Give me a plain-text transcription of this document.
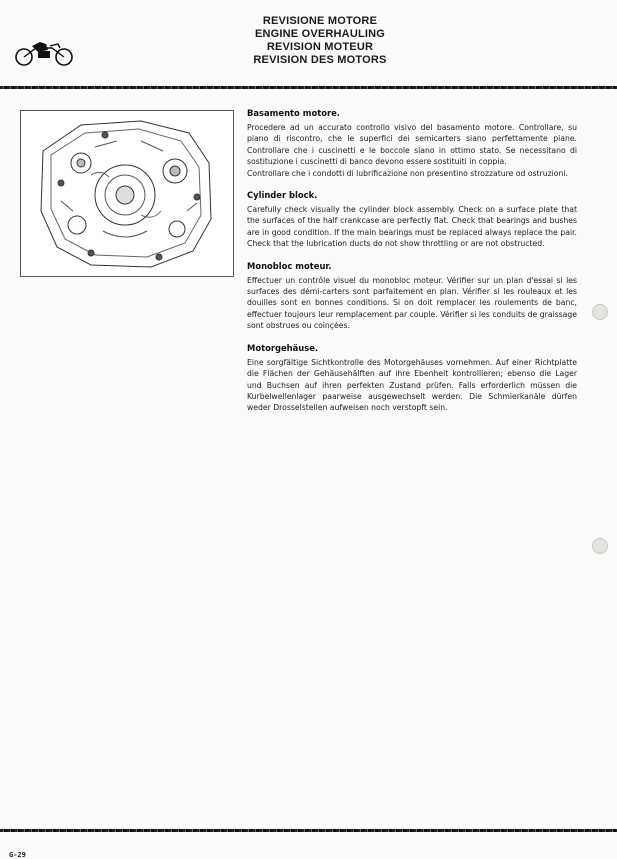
REVISIONE MOTORE
ENGINE OVERHAULING
REVISION MOTEUR
REVISION DES MOTORS
Basamento motore.

Procedere ad un accurato controllo visivo del basamento motore. Controllare, su piano di riscontro, che le superfici dei semicarters siano perfettamente piane. Controllare che i cuscinetti e le boccole siano in ottimo stato. Se necessitano di sostituzione i cuscinetti di banco devono essere sostituiti in coppia.

Controllare che i condotti di lubrificazione non presentino strozzature od ostruzioni.

Cylinder block.

Carefully check visually the cylinder block assembly. Check on a surface plate that the surfaces of the half crankcase are perfectly flat. Check that bearings and bushes are in good condition. If the main bearings must be replaced always replace the pair. Check that the lubrication ducts do not show throttling or are not obstructed.

Monobloc moteur.

Effectuer un contrôle visuel du monobloc moteur. Vérifier sur un plan d'essai si les surfaces des démi-carters sont parfaitement en plan. Vérifier si les rouleaux et les douilles sont en bonnes conditions. Si on doit remplacer les roulements de banc, effectuer toujours leur remplacement par couple. Vérifier si les conduits de graissage sont obstrues ou coinçées.

Motorgehäuse.

Eine sorgfältige Sichtkontrolle des Motorgehäuses vornehmen. Auf einer Richtplatte die Flächen der Gehäusehälften auf ihre Ebenheit kontrollieren; ebenso die Lager und Buchsen auf ihren perfekten Zustand prüfen. Falls erforderlich müssen die Kurbelwellenlager paarweise ausgewechselt werden. Die Schmierkanäle dürfen weder Drosselstellen aufweisen noch verstopft sein.

G-29
